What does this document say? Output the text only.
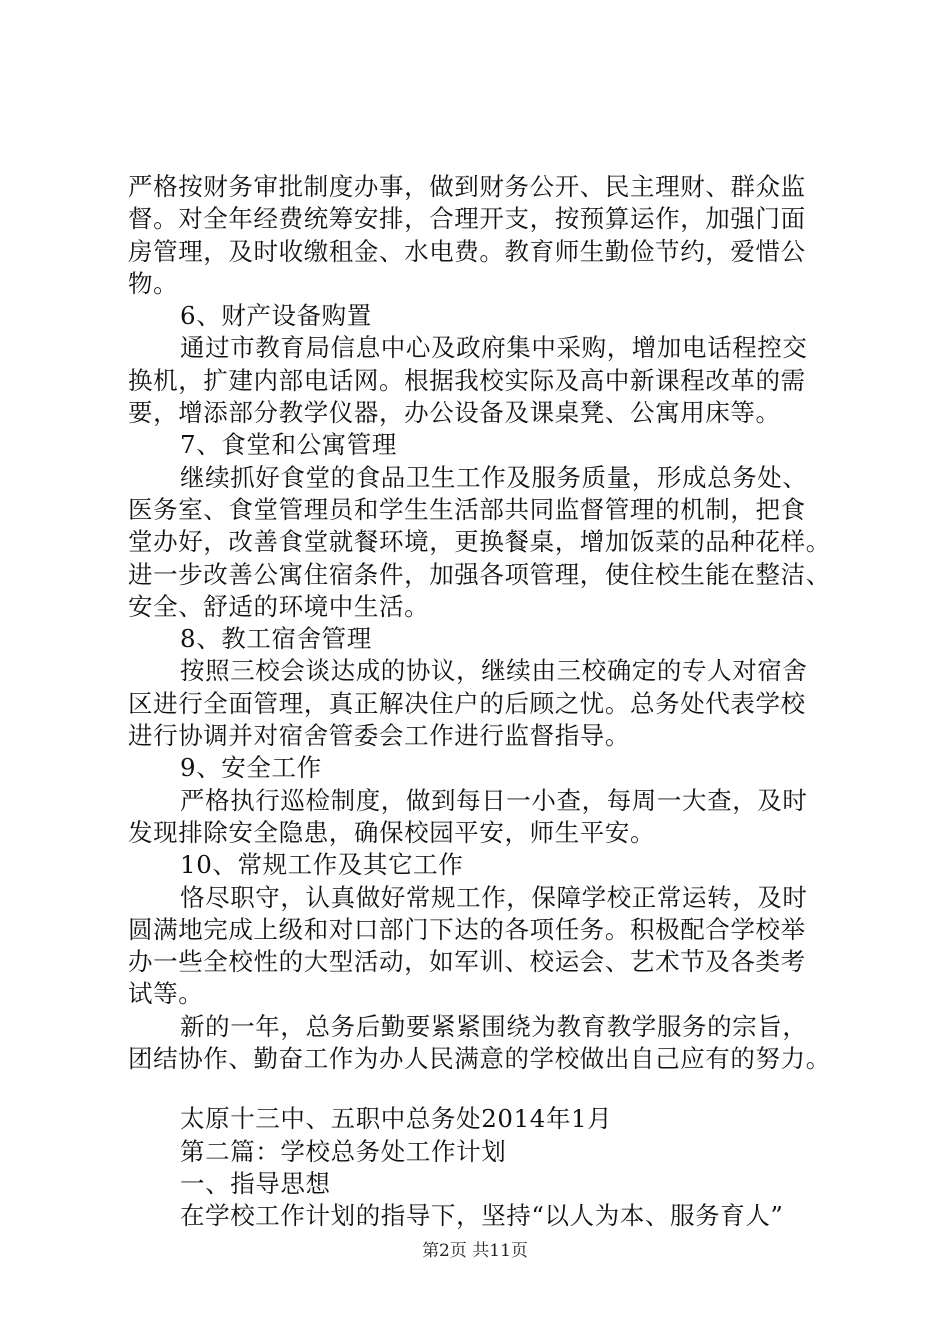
严格按财务审批制度办事，做到财务公开、民主理财、群众监
督。对全年经费统筹安排，合理开支，按预算运作，加强门面
房管理，及时收缴租金、水电费。教育师生勤俭节约，爱惜公
物。
6、财产设备购置
通过市教育局信息中心及政府集中采购，增加电话程控交
换机，扩建内部电话网。根据我校实际及高中新课程改革的需
要，增添部分教学仪器，办公设备及课桌凳、公寓用床等。
7、食堂和公寓管理
继续抓好食堂的食品卫生工作及服务质量，形成总务处、
医务室、食堂管理员和学生生活部共同监督管理的机制，把食
堂办好，改善食堂就餐环境，更换餐桌，增加饭菜的品种花样。
进一步改善公寓住宿条件，加强各项管理，使住校生能在整洁、
安全、舒适的环境中生活。
8、教工宿舍管理
按照三校会谈达成的协议，继续由三校确定的专人对宿舍
区进行全面管理，真正解决住户的后顾之忧。总务处代表学校
进行协调并对宿舍管委会工作进行监督指导。
9、安全工作
严格执行巡检制度，做到每日一小查，每周一大查，及时
发现排除安全隐患，确保校园平安，师生平安。
10、常规工作及其它工作
恪尽职守，认真做好常规工作，保障学校正常运转，及时
圆满地完成上级和对口部门下达的各项任务。积极配合学校举
办一些全校性的大型活动，如军训、校运会、艺术节及各类考
试等。
新的一年，总务后勤要紧紧围绕为教育教学服务的宗旨，
团结协作、勤奋工作为办人民满意的学校做出自己应有的努力。
太原十三中、五职中总务处2014年1月
第二篇：学校总务处工作计划
一、指导思想
在学校工作计划的指导下，坚持“以人为本、服务育人”
第2页 共11页
